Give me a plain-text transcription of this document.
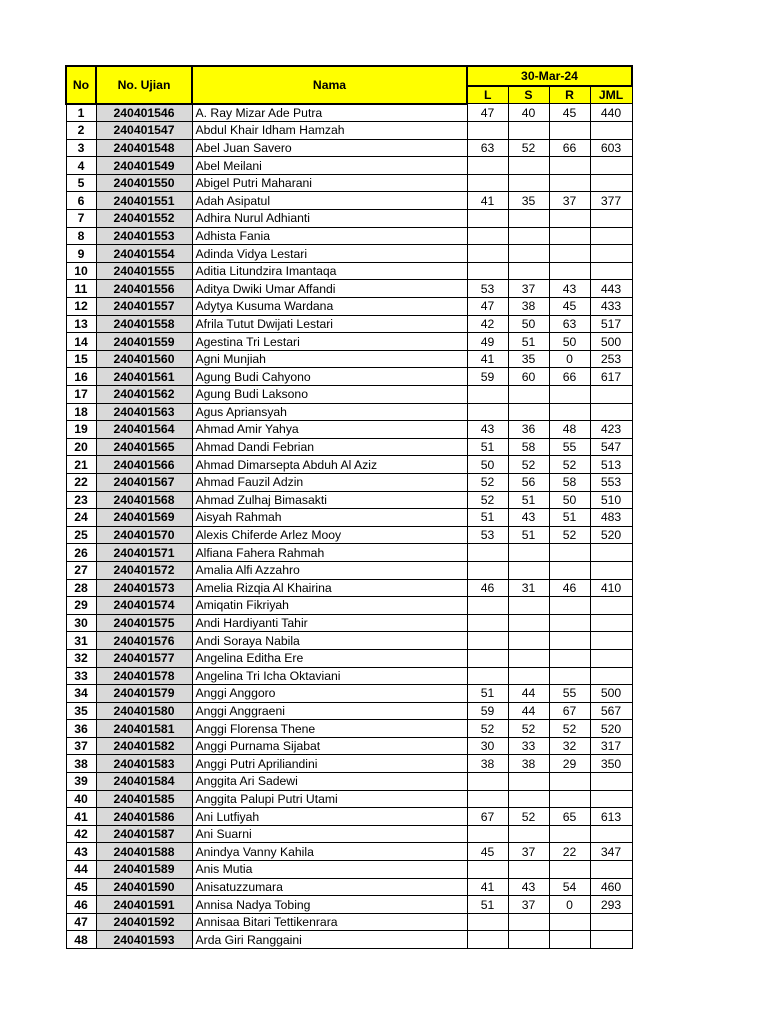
No	No. Ujian	Nama	30-Mar-24			
			L	S	R	JML
1	240401546	A. Ray Mizar Ade Putra	47	40	45	440
2	240401547	Abdul Khair Idham Hamzah				
3	240401548	Abel Juan Savero	63	52	66	603
4	240401549	Abel Meilani				
5	240401550	Abigel Putri Maharani				
6	240401551	Adah Asipatul	41	35	37	377
7	240401552	Adhira Nurul Adhianti				
8	240401553	Adhista Fania				
9	240401554	Adinda Vidya Lestari				
10	240401555	Aditia Litundzira Imantaqa				
11	240401556	Aditya Dwiki Umar Affandi	53	37	43	443
12	240401557	Adytya Kusuma Wardana	47	38	45	433
13	240401558	Afrila Tutut Dwijati Lestari	42	50	63	517
14	240401559	Agestina Tri Lestari	49	51	50	500
15	240401560	Agni Munjiah	41	35	0	253
16	240401561	Agung Budi Cahyono	59	60	66	617
17	240401562	Agung Budi Laksono				
18	240401563	Agus Apriansyah				
19	240401564	Ahmad Amir Yahya	43	36	48	423
20	240401565	Ahmad Dandi Febrian	51	58	55	547
21	240401566	Ahmad Dimarsepta Abduh Al Aziz	50	52	52	513
22	240401567	Ahmad Fauzil Adzin	52	56	58	553
23	240401568	Ahmad Zulhaj Bimasakti	52	51	50	510
24	240401569	Aisyah Rahmah	51	43	51	483
25	240401570	Alexis Chiferde Arlez Mooy	53	51	52	520
26	240401571	Alfiana Fahera Rahmah				
27	240401572	Amalia Alfi Azzahro				
28	240401573	Amelia Rizqia Al Khairina	46	31	46	410
29	240401574	Amiqatin Fikriyah				
30	240401575	Andi Hardiyanti Tahir				
31	240401576	Andi Soraya Nabila				
32	240401577	Angelina Editha Ere				
33	240401578	Angelina Tri Icha Oktaviani				
34	240401579	Anggi Anggoro	51	44	55	500
35	240401580	Anggi Anggraeni	59	44	67	567
36	240401581	Anggi Florensa Thene	52	52	52	520
37	240401582	Anggi Purnama Sijabat	30	33	32	317
38	240401583	Anggi Putri Apriliandini	38	38	29	350
39	240401584	Anggita Ari Sadewi				
40	240401585	Anggita Palupi Putri Utami				
41	240401586	Ani Lutfiyah	67	52	65	613
42	240401587	Ani Suarni				
43	240401588	Anindya Vanny Kahila	45	37	22	347
44	240401589	Anis Mutia				
45	240401590	Anisatuzzumara	41	43	54	460
46	240401591	Annisa Nadya Tobing	51	37	0	293
47	240401592	Annisaa Bitari Tettikenrara				
48	240401593	Arda Giri Ranggaini				
